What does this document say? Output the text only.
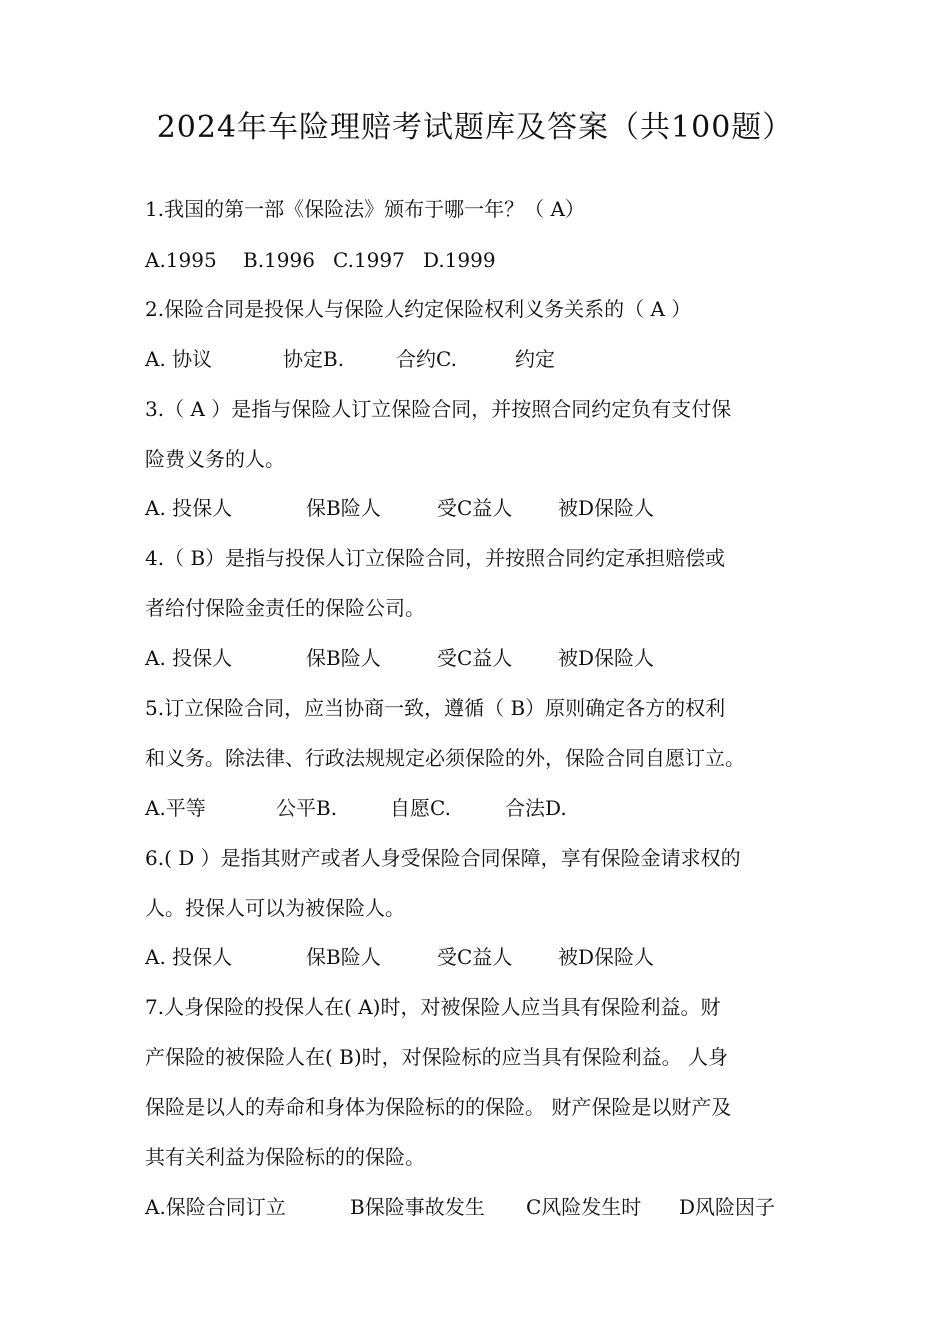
2024年车险理赔考试题库及答案（共100题）
1.我国的第一部《保险法》颁布于哪一年？（ A）
A.1995 B.1996 C.1997 D.1999
2.保险合同是投保人与保险人约定保险权利义务关系的（ A ）
A. 协议	协定B.	合约C.	约定
3.（ A ）是指与保险人订立保险合同，并按照合同约定负有支付保
险费义务的人。
A. 投保人	保B险人	受C益人 被D保险人
4.（ B）是指与投保人订立保险合同，并按照合同约定承担赔偿或
者给付保险金责任的保险公司。
A. 投保人	保B险人	受C益人 被D保险人
5.订立保险合同，应当协商一致，遵循（ B）原则确定各方的权利
和义务。除法律、行政法规规定必须保险的外，保险合同自愿订立。
A.平等	公平B.	自愿C.	合法D.
6.( D ）是指其财产或者人身受保险合同保障，享有保险金请求权的
人。投保人可以为被保险人。
A. 投保人	保B险人	受C益人 被D保险人
7.人身保险的投保人在( A)时，对被保险人应当具有保险利益。财
产保险的被保险人在( B)时，对保险标的应当具有保险利益。 人身
保险是以人的寿命和身体为保险标的的保险。 财产保险是以财产及
其有关利益为保险标的的保险。
A.保险合同订立	B保险事故发生 C风险发生时 D风险因子
